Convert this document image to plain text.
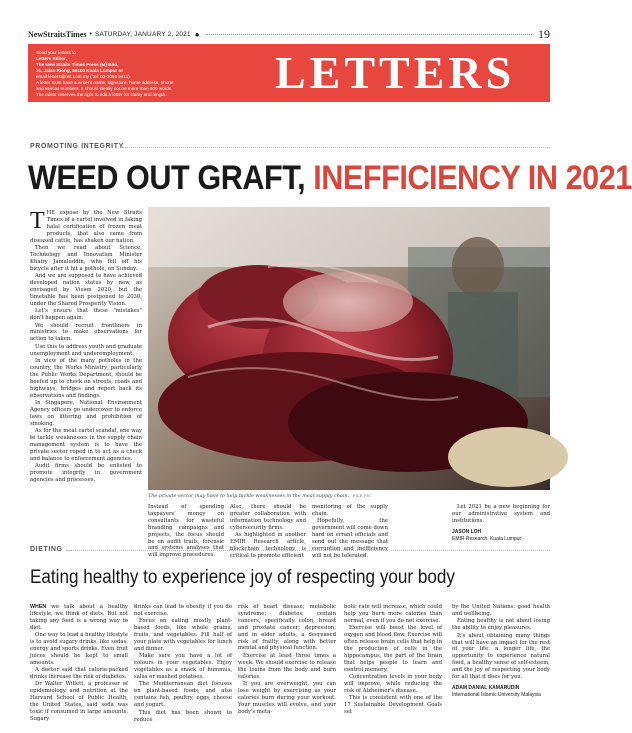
NewStraitsTimes • SATURDAY, JANUARY 2, 2021 ●	19
Send your letters to
Letters Editor,
The New Straits Times Press (M) Bhd,
31, Jalan Riong, 59100 Kuala Lumpur or
email letters@nst.com.my (Tel: 03-2056 9411).
A letter must have a writer's name, signature, home address, phone
and MyKad numbers. It should ideally not be more than 500 words.
The editor reserves the right to edit a letter for clarity and length.	LETTERS
PROMOTING INTEGRITY
WEED OUT GRAFT, INEFFICIENCY IN 2021
T HE expose by the New Straits Times of a cartel involved in faking halal certification of frozen meat products, that also came from diseased cattle, has shaken our nation.

Then we read about Science, Technology and Innovation Minister Khairy Jamaluddin, who fell off his bicycle after it hit a pothole, on Sunday.

And we are supposed to have achieved developed nation status by now, as envisaged by Vision 2020, but the timetable has been postponed to 2030, under the Shared Prosperity Vision.

Let's ensure that these "mistakes" don't happen again.

We should recruit frontliners in ministries to make observations for action to taken.

Use this to address youth and graduate unemployment and underemployment.

In view of the many potholes in the country, the Works Ministry, particularly the Public Works Department, should be beefed up to check on streets, roads and highways, bridges and report back its observations and findings.

In Singapore, National Environment Agency officers go undercover to enforce laws on littering and prohibition of smoking.

As for the meat cartel scandal, one way to tackle weaknesses in the supply chain management system is to have the private sector roped in to act as a check and balance to enforcement agencies.

Audit firms should be enlisted to promote integrity in government agencies and processes.

The private sector may have to help tackle weaknesses in the meat supply chain. FILE PIC

Instead of spending taxpayers' money on consultants for wasteful branding campaigns and projects, the focus should be on audit trails, forensic and systems analyses that will improve procedures.

Also, there should be greater collaboration with information technology and cybersecurity firms.

As highlighted in another EMIR Research article, blockchain technology is critical to promote efficient

monitoring of the supply chain.

Hopefully, the government will come down hard on errant officials and send out the message that corruption and inefficiency will not be tolerated.

Let 2021 be a new beginning for our administrative system and institutions.

JASON LOH
EMIR Research, Kuala Lumpur
DIETING
Eating healthy to experience joy of respecting your body

WHEN we talk about a healthy lifestyle, we think of diets. But not taking any food is a wrong way to diet.

One way to lead a healthy lifestyle is to avoid sugary drinks, like sodas, energy and sports drinks. Even fruit juices should be kept to small amounts.

A doctor said that calorie-packed drinks increase the risk of diabetes.

Dr Walter Willett, a professor of epidemiology and nutrition at the Harvard School of Public Health, the United States, said soda was toxic if consumed in large amounts. Sugary

drinks can lead to obesity if you do not exercise.

Focus on eating mostly plant-based foods, like whole grains, fruits, and vegetables. Fill half of your plate with vegetables for lunch and dinner.

Make sure you have a lot of colours in your vegetables. Enjoy vegetables as a snack of hummus, salsa or mashed potatoes.

The Mediterranean diet focuses on plant-based foods, and also contains fish, poultry, eggs, cheese and yogurt.

This diet has been shown to reduce

risk of heart disease; metabolic syndrome; diabetes; certain cancers, specifically colon, breast and prostate cancer; depression; and in older adults, a decreased risk of frailty, along with better mental and physical function.

Exercise at least three times a week. We should exercise to release the toxins from the body and burn calories.

If you are overweight, you can lose weight by exercising as your calories burn during your workout. Your muscles will evolve, and your body's meta-

bolic rate will increase, which could help you burn more calories than normal, even if you do not exercise.

Exercise will boost the level of oxygen and blood flow. Exercise will often release brain cells that help in the production of cells in the hippocampus, the part of the brain that helps people to learn and control memory.

Concentration levels in your body will improve, while reducing the risk of Alzheimer's disease.

This is consistent with one of the 17 Sustainable Development Goals set

by the United Nations: good health and wellbeing.

Eating healthy is not about losing the ability to enjoy pleasures.

It's about obtaining many things that will have an impact for the rest of your life: a longer life, the opportunity to experience natural food, a healthy sense of self-esteem, and the joy of respecting your body for all that it does for you.

ADAM DANIAL KAMARUDIN
International Islamic University Malaysia
